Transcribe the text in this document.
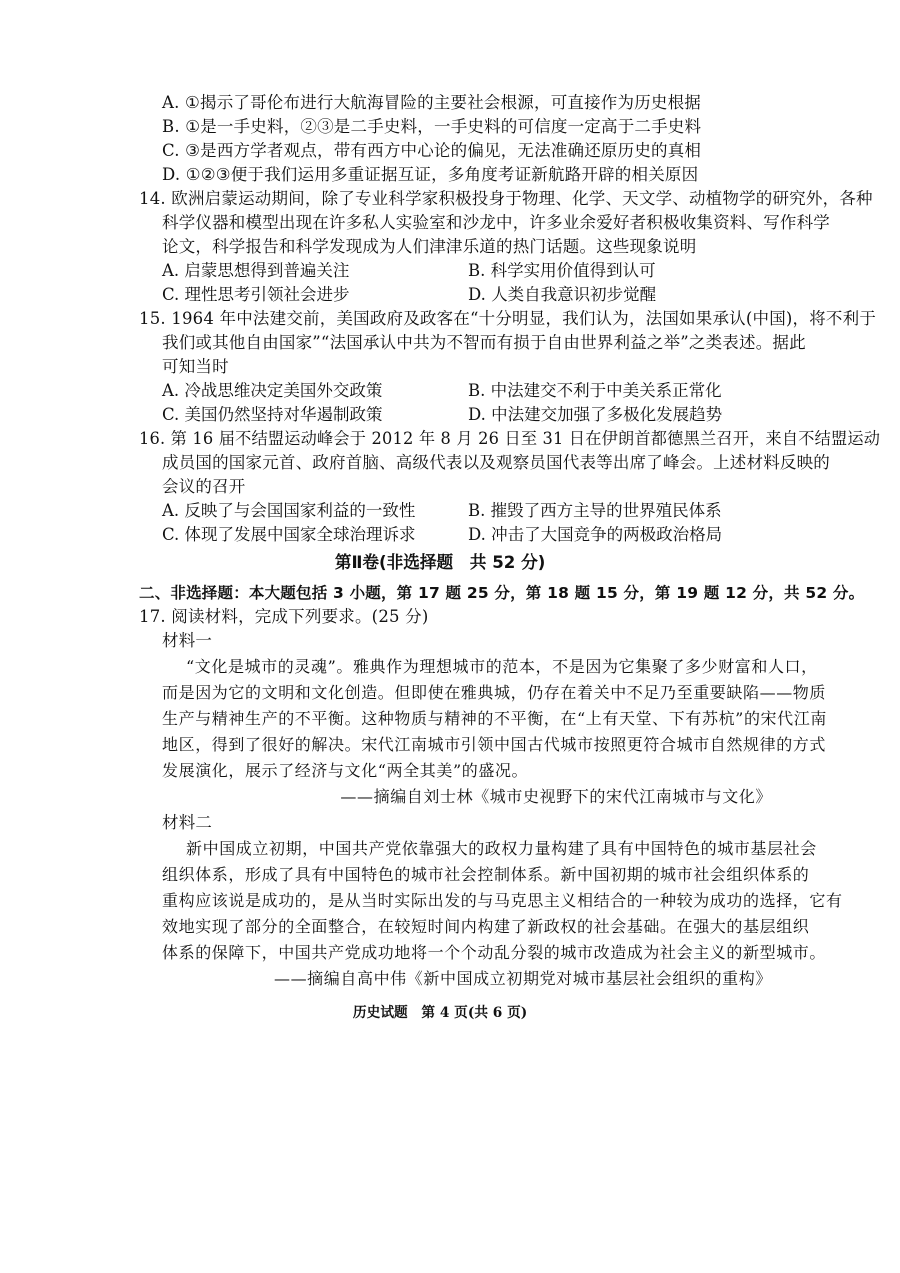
A. ①揭示了哥伦布进行大航海冒险的主要社会根源，可直接作为历史根据
B. ①是一手史料，②③是二手史料，一手史料的可信度一定高于二手史料
C. ③是西方学者观点，带有西方中心论的偏见，无法准确还原历史的真相
D. ①②③便于我们运用多重证据互证，多角度考证新航路开辟的相关原因
14. 欧洲启蒙运动期间，除了专业科学家积极投身于物理、化学、天文学、动植物学的研究外，各种
科学仪器和模型出现在许多私人实验室和沙龙中，许多业余爱好者积极收集资料、写作科学
论文，科学报告和科学发现成为人们津津乐道的热门话题。这些现象说明
A. 启蒙思想得到普遍关注	B. 科学实用价值得到认可
C. 理性思考引领社会进步	D. 人类自我意识初步觉醒
15. 1964 年中法建交前，美国政府及政客在“十分明显，我们认为，法国如果承认(中国)，将不利于
我们或其他自由国家”“法国承认中共为不智而有损于自由世界利益之举”之类表述。据此
可知当时
A. 冷战思维决定美国外交政策	B. 中法建交不利于中美关系正常化
C. 美国仍然坚持对华遏制政策	D. 中法建交加强了多极化发展趋势
16. 第 16 届不结盟运动峰会于 2012 年 8 月 26 日至 31 日在伊朗首都德黑兰召开，来自不结盟运动
成员国的国家元首、政府首脑、高级代表以及观察员国代表等出席了峰会。上述材料反映的
会议的召开
A. 反映了与会国国家利益的一致性	B. 摧毁了西方主导的世界殖民体系
C. 体现了发展中国家全球治理诉求	D. 冲击了大国竞争的两极政治格局
第Ⅱ卷(非选择题　共 52 分)
二、非选择题：本大题包括 3 小题，第 17 题 25 分，第 18 题 15 分，第 19 题 12 分，共 52 分。
17. 阅读材料，完成下列要求。(25 分)
材料一
“文化是城市的灵魂”。雅典作为理想城市的范本，不是因为它集聚了多少财富和人口，
而是因为它的文明和文化创造。但即使在雅典城，仍存在着关中不足乃至重要缺陷——物质
生产与精神生产的不平衡。这种物质与精神的不平衡，在“上有天堂、下有苏杭”的宋代江南
地区，得到了很好的解决。宋代江南城市引领中国古代城市按照更符合城市自然规律的方式
发展演化，展示了经济与文化“两全其美”的盛况。
——摘编自刘士林《城市史视野下的宋代江南城市与文化》
材料二
新中国成立初期，中国共产党依靠强大的政权力量构建了具有中国特色的城市基层社会
组织体系，形成了具有中国特色的城市社会控制体系。新中国初期的城市社会组织体系的
重构应该说是成功的，是从当时实际出发的与马克思主义相结合的一种较为成功的选择，它有
效地实现了部分的全面整合，在较短时间内构建了新政权的社会基础。在强大的基层组织
体系的保障下，中国共产党成功地将一个个动乱分裂的城市改造成为社会主义的新型城市。
——摘编自高中伟《新中国成立初期党对城市基层社会组织的重构》
历史试题　第 4 页(共 6 页)
